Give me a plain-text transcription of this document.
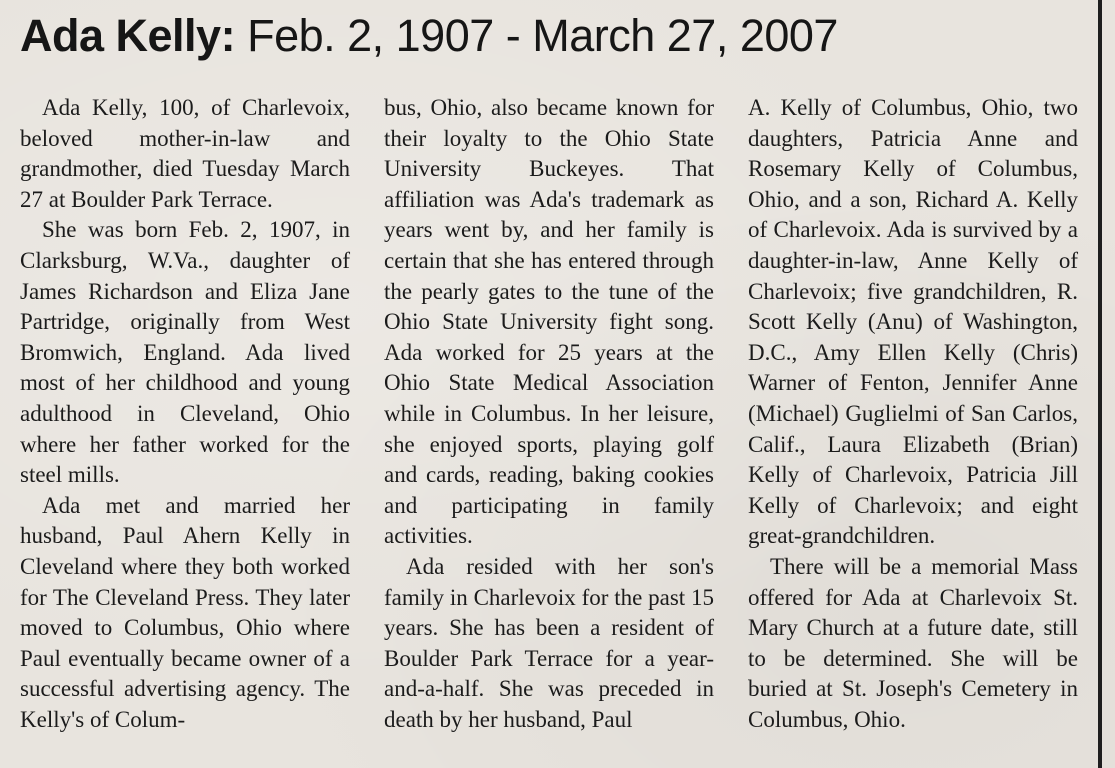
Ada Kelly: Feb. 2, 1907 - March 27, 2007

Ada Kelly, 100, of Charlevoix, beloved mother-in-law and grandmother, died Tuesday March 27 at Boulder Park Terrace.

She was born Feb. 2, 1907, in Clarksburg, W.Va., daughter of James Richardson and Eliza Jane Partridge, originally from West Bromwich, England. Ada lived most of her childhood and young adulthood in Cleveland, Ohio where her father worked for the steel mills.

Ada met and married her husband, Paul Ahern Kelly in Cleveland where they both worked for The Cleveland Press. They later moved to Columbus, Ohio where Paul eventually became owner of a successful advertising agency. The Kelly's of Colum-

bus, Ohio, also became known for their loyalty to the Ohio State University Buckeyes. That affiliation was Ada's trademark as years went by, and her family is certain that she has entered through the pearly gates to the tune of the Ohio State University fight song. Ada worked for 25 years at the Ohio State Medical Association while in Columbus. In her leisure, she enjoyed sports, playing golf and cards, reading, baking cookies and participating in family activities.

Ada resided with her son's family in Charlevoix for the past 15 years. She has been a resident of Boulder Park Terrace for a year-and-a-half. She was preceded in death by her husband, Paul

A. Kelly of Columbus, Ohio, two daughters, Patricia Anne and Rosemary Kelly of Columbus, Ohio, and a son, Richard A. Kelly of Charlevoix. Ada is survived by a daughter-in-law, Anne Kelly of Charlevoix; five grandchildren, R. Scott Kelly (Anu) of Washington, D.C., Amy Ellen Kelly (Chris) Warner of Fenton, Jennifer Anne (Michael) Guglielmi of San Carlos, Calif., Laura Elizabeth (Brian) Kelly of Charlevoix, Patricia Jill Kelly of Charlevoix; and eight great-grandchildren.

There will be a memorial Mass offered for Ada at Charlevoix St. Mary Church at a future date, still to be determined. She will be buried at St. Joseph's Cemetery in Columbus, Ohio.
